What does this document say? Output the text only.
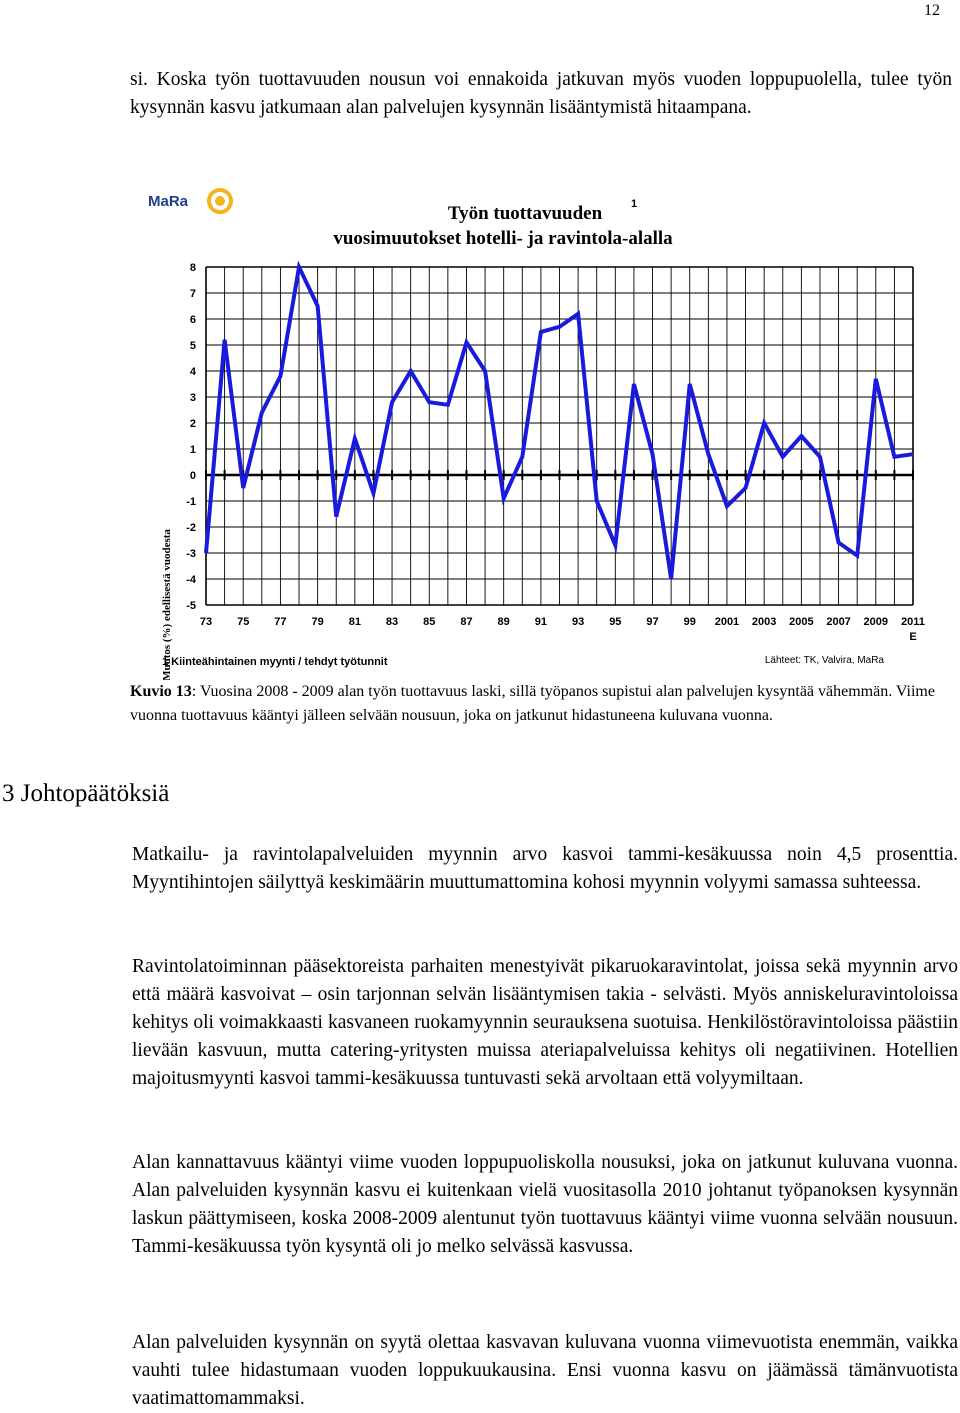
12

si. Koska työn tuottavuuden nousun voi ennakoida jatkuvan myös vuoden loppupuolella, tulee työn kysynnän kasvu jatkumaan alan palvelujen kysynnän lisääntymistä hitaampana.

MaRa
Työn tuottavuuden	1
vuosimuutokset hotelli- ja ravintola-alalla
Muutos (%) edellisestä vuodesta
8
7
6
5
4
3
2
1
0
-1
-2
-3
-4
-5
73 75 77 79 81 83 85 87 89 91 93 95 97 99 2001 2003 2005 2007 2009 2011
E
1 Kiinteähintainen myynti / tehdyt työtunnit	Lähteet: TK, Valvira, MaRa

Kuvio 13: Vuosina 2008 - 2009 alan työn tuottavuus laski, sillä työpanos supistui alan palvelujen kysyntää vähemmän. Viime vuonna tuottavuus kääntyi jälleen selvään nousuun, joka on jatkunut hidastuneena kuluvana vuonna.

3 Johtopäätöksiä

Matkailu- ja ravintolapalveluiden myynnin arvo kasvoi tammi-kesäkuussa noin 4,5 prosenttia. Myyntihintojen säilyttyä keskimäärin muuttumattomina kohosi myynnin volyymi samassa suhteessa.

Ravintolatoiminnan pääsektoreista parhaiten menestyivät pikaruokaravintolat, joissa sekä myynnin arvo että määrä kasvoivat – osin tarjonnan selvän lisääntymisen takia - selvästi. Myös anniskeluravintoloissa kehitys oli voimakkaasti kasvaneen ruokamyynnin seurauksena suotuisa. Henkilöstöravintoloissa päästiin lievään kasvuun, mutta catering-yritysten muissa ateriapalveluissa kehitys oli negatiivinen. Hotellien majoitusmyynti kasvoi tammi-kesäkuussa tuntuvasti sekä arvoltaan että volyymiltaan.

Alan kannattavuus kääntyi viime vuoden loppupuoliskolla nousuksi, joka on jatkunut kuluvana vuonna. Alan palveluiden kysynnän kasvu ei kuitenkaan vielä vuositasolla 2010 johtanut työpanoksen kysynnän laskun päättymiseen, koska 2008-2009 alentunut työn tuottavuus kääntyi viime vuonna selvään nousuun. Tammi-kesäkuussa työn kysyntä oli jo melko selvässä kasvussa.

Alan palveluiden kysynnän on syytä olettaa kasvavan kuluvana vuonna viimevuotista enemmän, vaikka vauhti tulee hidastumaan vuoden loppukuukausina. Ensi vuonna kasvu on jäämässä tämänvuotista vaatimattomammaksi.
